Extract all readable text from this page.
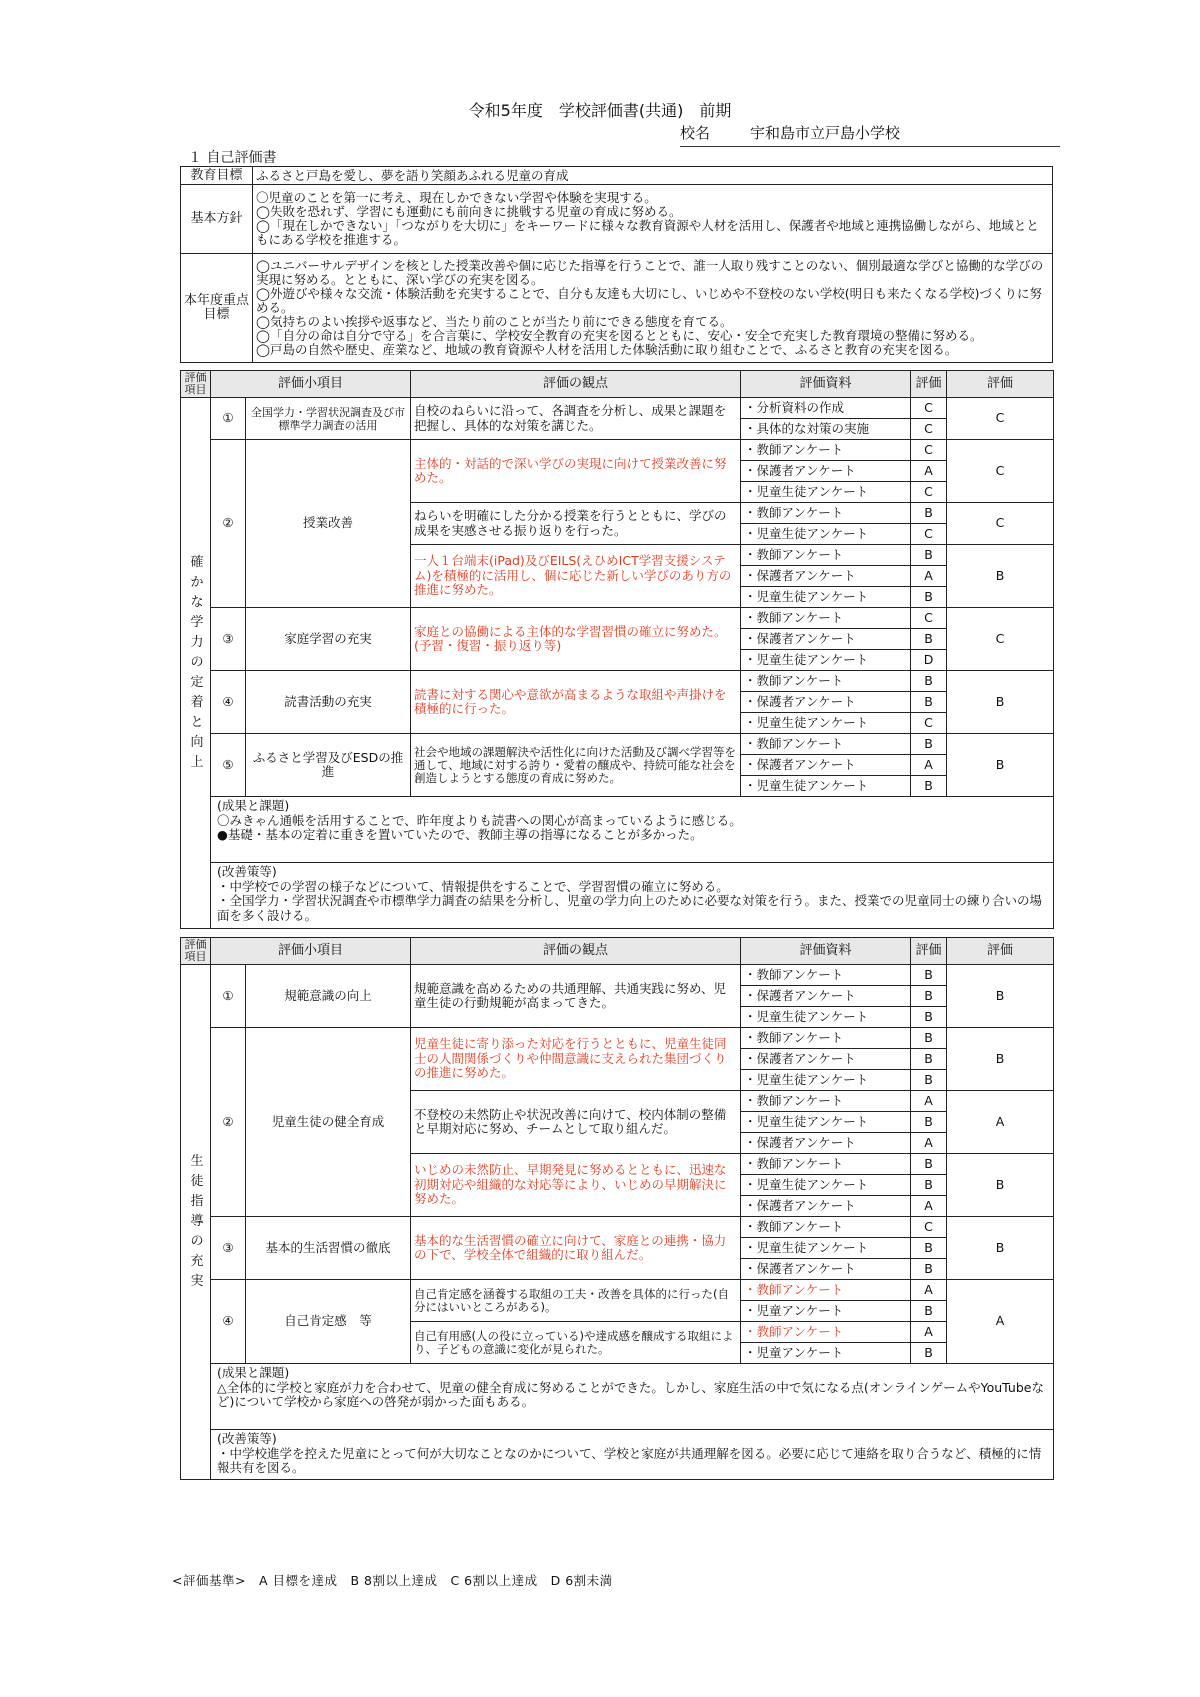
令和5年度　学校評価書(共通)　前期
校名	宇和島市立戸島小学校
１ 自己評価書
教育目標	ふるさと戸島を愛し、夢を語り笑顔あふれる児童の育成
基本方針	〇児童のことを第一に考え、現在しかできない学習や体験を実現する。
◯失敗を恐れず、学習にも運動にも前向きに挑戦する児童の育成に努める。
◯「現在しかできない」「つながりを大切に」をキーワードに様々な教育資源や人材を活用し、保護者や地域と連携協働しながら、地域とともにある学校を推進する。

本年度重点目標	◯ユニバーサルデザインを核とした授業改善や個に応じた指導を行うことで、誰一人取り残すことのない、個別最適な学びと協働的な学びの実現に努める。とともに、深い学びの充実を図る。
◯外遊びや様々な交流・体験活動を充実することで、自分も友達も大切にし、いじめや不登校のない学校(明日も来たくなる学校)づくりに努める。
◯気持ちのよい挨拶や返事など、当たり前のことが当たり前にできる態度を育てる。
◯「自分の命は自分で守る」を合言葉に、学校安全教育の充実を図るとともに、安心・安全で充実した教育環境の整備に努める。
◯戸島の自然や歴史、産業など、地域の教育資源や人材を活用した体験活動に取り組むことで、ふるさと教育の充実を図る。
評価項目	評価小項目		評価の観点	評価資料	評価	評価

確かな学力の定着と向上	①	全国学力・学習状況調査及び市標準学力調査の活用	自校のねらいに沿って、各調査を分析し、成果と課題を把握し、具体的な対策を講じた。	・分析資料の作成	C	C
				・具体的な対策の実施	C	
	②	授業改善	主体的・対話的で深い学びの実現に向けて授業改善に努めた。	・教師アンケート	C	C
				・保護者アンケート	A	
				・児童生徒アンケート	C	
			ねらいを明確にした分かる授業を行うとともに、学びの成果を実感させる振り返りを行った。	・教師アンケート	B	C
				・児童生徒アンケート	C	
			一人１台端末(iPad)及びEILS(えひめICT学習支援システム)を積極的に活用し、個に応じた新しい学びのあり方の推進に努めた。	・教師アンケート	B	B
				・保護者アンケート	A	
				・児童生徒アンケート	B	
	③	家庭学習の充実	家庭との協働による主体的な学習習慣の確立に努めた。(予習・復習・振り返り等)	・教師アンケート	C	C
				・保護者アンケート	B	
				・児童生徒アンケート	D	
	④	読書活動の充実	読書に対する関心や意欲が高まるような取組や声掛けを積極的に行った。	・教師アンケート	B	B
				・保護者アンケート	B	
				・児童生徒アンケート	C	
	⑤	ふるさと学習及びESDの推進	社会や地域の課題解決や活性化に向けた活動及び調べ学習等を通して、地域に対する誇り・愛着の醸成や、持続可能な社会を創造しようとする態度の育成に努めた。	・教師アンケート	B	B
				・保護者アンケート	A	
				・児童生徒アンケート	B	

	(成果と課題)
〇みきゃん通帳を活用することで、昨年度よりも読書への関心が高まっているように感じる。
●基礎・基本の定着に重きを置いていたので、教師主導の指導になることが多かった。					

	(改善策等)
・中学校での学習の様子などについて、情報提供をすることで、学習習慣の確立に努める。
・全国学力・学習状況調査や市標準学力調査の結果を分析し、児童の学力向上のために必要な対策を行う。また、授業での児童同士の練り合いの場面を多く設ける。					
評価項目	評価小項目		評価の観点	評価資料	評価	評価

生徒指導の充実	①	規範意識の向上	規範意識を高めるための共通理解、共通実践に努め、児童生徒の行動規範が高まってきた。	・教師アンケート	B	B
				・保護者アンケート	B	
				・児童生徒アンケート	B	
	②	児童生徒の健全育成	児童生徒に寄り添った対応を行うとともに、児童生徒同士の人間関係づくりや仲間意識に支えられた集団づくりの推進に努めた。	・教師アンケート	B	B
				・保護者アンケート	B	
				・児童生徒アンケート	B	
			不登校の未然防止や状況改善に向けて、校内体制の整備と早期対応に努め、チームとして取り組んだ。	・教師アンケート	A	A
				・児童生徒アンケート	B	
				・保護者アンケート	A	
			いじめの未然防止、早期発見に努めるとともに、迅速な初期対応や組織的な対応等により、いじめの早期解決に努めた。	・教師アンケート	B	B
				・児童生徒アンケート	B	
				・保護者アンケート	A	
	③	基本的生活習慣の徹底	基本的な生活習慣の確立に向けて、家庭との連携・協力の下で、学校全体で組織的に取り組んだ。	・教師アンケート	C	B
				・児童生徒アンケート	B	
				・保護者アンケート	B	
	④	自己肯定感　等	自己肯定感を涵養する取組の工夫・改善を具体的に行った(自分にはいいところがある)。	・教師アンケート	A	A
				・児童アンケート	B	
			自己有用感(人の役に立っている)や達成感を醸成する取組により、子どもの意識に変化が見られた。	・教師アンケート	A	
				・児童アンケート	B	

	(成果と課題)
△全体的に学校と家庭が力を合わせて、児童の健全育成に努めることができた。しかし、家庭生活の中で気になる点(オンラインゲームやYouTubeなど)について学校から家庭への啓発が弱かった面もある。					

	(改善策等)
・中学校進学を控えた児童にとって何が大切なことなのかについて、学校と家庭が共通理解を図る。必要に応じて連絡を取り合うなど、積極的に情報共有を図る。					
<評価基準>　A 目標を達成　B 8割以上達成　C 6割以上達成　D 6割未満
